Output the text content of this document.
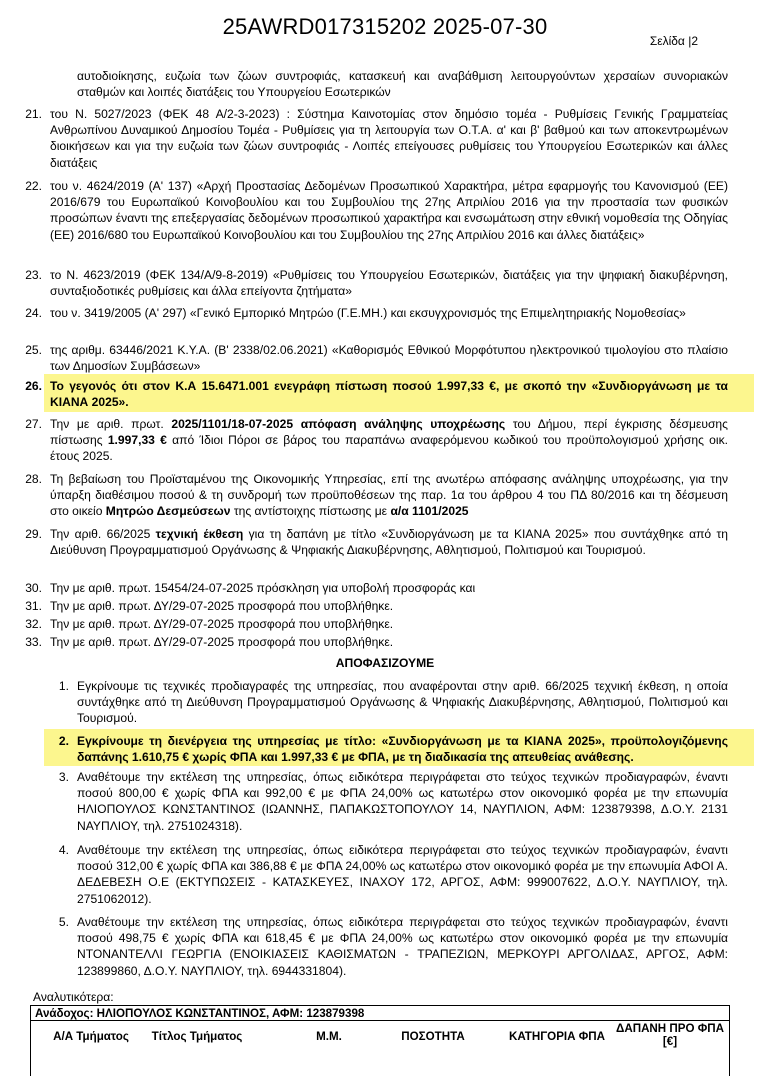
25AWRD017315202 2025-07-30
Σελίδα |2
αυτοδιοίκησης, ευζωία των ζώων συντροφιάς, κατασκευή και αναβάθμιση λειτουργούντων χερσαίων συνοριακών σταθμών και λοιπές διατάξεις του Υπουργείου Εσωτερικών
21. του Ν. 5027/2023 (ΦΕΚ 48 Α/2-3-2023) : Σύστημα Καινοτομίας στον δημόσιο τομέα - Ρυθμίσεις Γενικής Γραμματείας Ανθρωπίνου Δυναμικού Δημοσίου Τομέα - Ρυθμίσεις για τη λειτουργία των Ο.Τ.Α. α' και β' βαθμού και των αποκεντρωμένων διοικήσεων και για την ευζωία των ζώων συντροφιάς - Λοιπές επείγουσες ρυθμίσεις του Υπουργείου Εσωτερικών και άλλες διατάξεις
22. του ν. 4624/2019 (Α' 137) «Αρχή Προστασίας Δεδομένων Προσωπικού Χαρακτήρα, μέτρα εφαρμογής του Κανονισμού (ΕΕ) 2016/679 του Ευρωπαϊκού Κοινοβουλίου και του Συμβουλίου της 27ης Απριλίου 2016 για την προστασία των φυσικών προσώπων έναντι της επεξεργασίας δεδομένων προσωπικού χαρακτήρα και ενσωμάτωση στην εθνική νομοθεσία της Οδηγίας (ΕΕ) 2016/680 του Ευρωπαϊκού Κοινοβουλίου και του Συμβουλίου της 27ης Απριλίου 2016 και άλλες διατάξεις»
23. το Ν. 4623/2019 (ΦΕΚ 134/Α/9-8-2019) «Ρυθμίσεις του Υπουργείου Εσωτερικών, διατάξεις για την ψηφιακή διακυβέρνηση, συνταξιοδοτικές ρυθμίσεις και άλλα επείγοντα ζητήματα»
24. του ν. 3419/2005 (Α' 297) «Γενικό Εμπορικό Μητρώο (Γ.Ε.ΜΗ.) και εκσυγχρονισμός της Επιμελητηριακής Νομοθεσίας»
25. της αριθμ. 63446/2021 Κ.Υ.Α. (Β' 2338/02.06.2021) «Καθορισμός Εθνικού Μορφότυπου ηλεκτρονικού τιμολογίου στο πλαίσιο των Δημοσίων Συμβάσεων»
26. Το γεγονός ότι στον Κ.Α 15.6471.001 ενεγράφη πίστωση ποσού 1.997,33 €, με σκοπό την «Συνδιοργάνωση με τα ΚΙΑΝΑ 2025».
27. Την με αριθ. πρωτ. 2025/1101/18-07-2025 απόφαση ανάληψης υποχρέωσης του Δήμου, περί έγκρισης δέσμευσης πίστωσης 1.997,33 € από Ίδιοι Πόροι σε βάρος του παραπάνω αναφερόμενου κωδικού του προϋπολογισμού χρήσης οικ. έτους 2025.
28. Τη βεβαίωση του Προϊσταμένου της Οικονομικής Υπηρεσίας, επί της ανωτέρω απόφασης ανάληψης υποχρέωσης, για την ύπαρξη διαθέσιμου ποσού & τη συνδρομή των προϋποθέσεων της παρ. 1α του άρθρου 4 του ΠΔ 80/2016 και τη δέσμευση στο οικείο Μητρώο Δεσμεύσεων της αντίστοιχης πίστωσης με α/α 1101/2025
29. Την αριθ. 66/2025 τεχνική έκθεση για τη δαπάνη με τίτλο «Συνδιοργάνωση με τα ΚΙΑΝΑ 2025» που συντάχθηκε από τη Διεύθυνση Προγραμματισμού Οργάνωσης & Ψηφιακής Διακυβέρνησης, Αθλητισμού, Πολιτισμού και Τουρισμού.
30. Την με αριθ. πρωτ. 15454/24-07-2025 πρόσκληση για υποβολή προσφοράς και
31. Την με αριθ. πρωτ. ΔΥ/29-07-2025 προσφορά που υποβλήθηκε.
32. Την με αριθ. πρωτ. ΔΥ/29-07-2025 προσφορά που υποβλήθηκε.
33. Την με αριθ. πρωτ. ΔΥ/29-07-2025 προσφορά που υποβλήθηκε.
ΑΠΟΦΑΣΙΖΟΥΜΕ
1. Εγκρίνουμε τις τεχνικές προδιαγραφές της υπηρεσίας, που αναφέρονται στην αριθ. 66/2025 τεχνική έκθεση, η οποία συντάχθηκε από τη Διεύθυνση Προγραμματισμού Οργάνωσης & Ψηφιακής Διακυβέρνησης, Αθλητισμού, Πολιτισμού και Τουρισμού.
2. Εγκρίνουμε τη διενέργεια της υπηρεσίας με τίτλο: «Συνδιοργάνωση με τα ΚΙΑΝΑ 2025», προϋπολογιζόμενης δαπάνης 1.610,75 € χωρίς ΦΠΑ και 1.997,33 € με ΦΠΑ, με τη διαδικασία της απευθείας ανάθεσης.
3. Αναθέτουμε την εκτέλεση της υπηρεσίας, όπως ειδικότερα περιγράφεται στο τεύχος τεχνικών προδιαγραφών, έναντι ποσού 800,00 € χωρίς ΦΠΑ και 992,00 € με ΦΠΑ 24,00% ως κατωτέρω στον οικονομικό φορέα με την επωνυμία ΗΛΙΟΠΟΥΛΟΣ ΚΩΝΣΤΑΝΤΙΝΟΣ (ΙΩΑΝΝΗΣ, ΠΑΠΑΚΩΣΤΟΠΟΥΛΟΥ 14, ΝΑΥΠΛΙΟΝ, ΑΦΜ: 123879398, Δ.Ο.Υ. 2131 ΝΑΥΠΛΙΟΥ, τηλ. 2751024318).
4. Αναθέτουμε την εκτέλεση της υπηρεσίας, όπως ειδικότερα περιγράφεται στο τεύχος τεχνικών προδιαγραφών, έναντι ποσού 312,00 € χωρίς ΦΠΑ και 386,88 € με ΦΠΑ 24,00% ως κατωτέρω στον οικονομικό φορέα με την επωνυμία ΑΦΟΙ Α. ΔΕΔΕΒΕΣΗ Ο.Ε (ΕΚΤΥΠΩΣΕΙΣ - ΚΑΤΑΣΚΕΥΕΣ, ΙΝΑΧΟΥ 172, ΑΡΓΟΣ, ΑΦΜ: 999007622, Δ.Ο.Υ. ΝΑΥΠΛΙΟΥ, τηλ. 2751062012).
5. Αναθέτουμε την εκτέλεση της υπηρεσίας, όπως ειδικότερα περιγράφεται στο τεύχος τεχνικών προδιαγραφών, έναντι ποσού 498,75 € χωρίς ΦΠΑ και 618,45 € με ΦΠΑ 24,00% ως κατωτέρω στον οικονομικό φορέα με την επωνυμία ΝΤΟΝΑΝΤΕΛΛΙ ΓΕΩΡΓΙΑ (ΕΝΟΙΚΙΑΣΕΙΣ ΚΑΘΙΣΜΑΤΩΝ - ΤΡΑΠΕΖΙΩΝ, ΜΕΡΚΟΥΡΙ ΑΡΓΟΛΙΔΑΣ, ΑΡΓΟΣ, ΑΦΜ: 123899860, Δ.Ο.Υ. ΝΑΥΠΛΙΟΥ, τηλ. 6944331804).
Αναλυτικότερα:
Ανάδοχος: ΗΛΙΟΠΟΥΛΟΣ ΚΩΝΣΤΑΝΤΙΝΟΣ, ΑΦΜ: 123879398
Α/Α Τμήματος	Τίτλος Τμήματος	Μ.Μ.	ΠΟΣΟΤΗΤΑ	ΚΑΤΗΓΟΡΙΑ ΦΠΑ
ΔΑΠΑΝΗ ΠΡΟ ΦΠΑ
[€]
